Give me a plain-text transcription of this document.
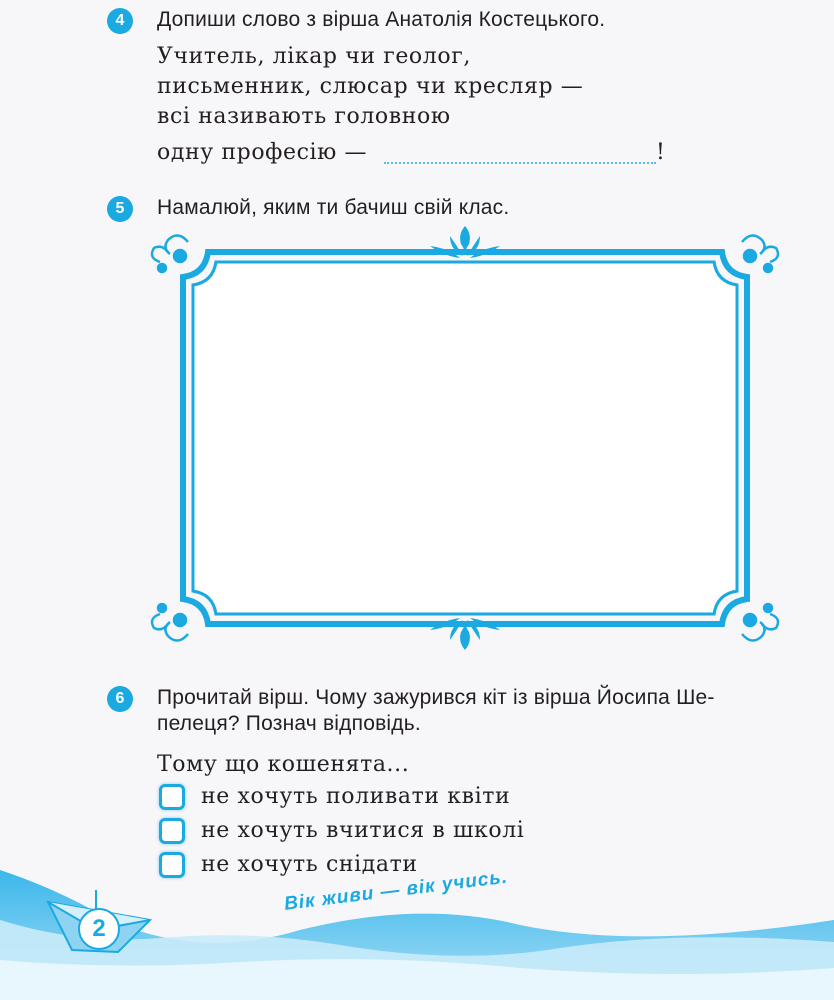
4	Допиши слово з вірша Анатолія Костецького.
Учитель, лікар чи геолог,
письменник, слюсар чи кресляр —
всі називають головною
одну професію —	!
5	Намалюй, яким ти бачиш свій клас.
6	Прочитай вірш. Чому зажурився кіт із вірша Йосипа Ше-
пелеця? Познач відповідь.
Тому що кошенята...
не хочуть поливати квіти
не хочуть вчитися в школі
не хочуть снідати
2
Вік живи — вік учись.
